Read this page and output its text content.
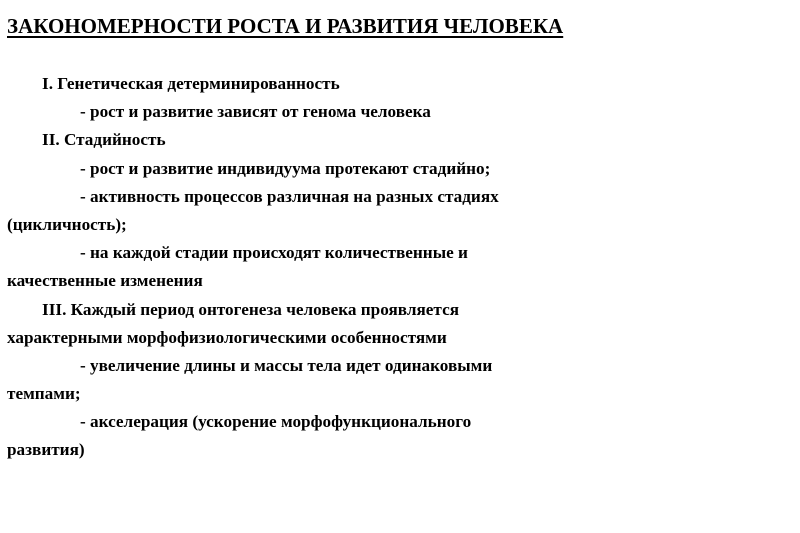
ЗАКОНОМЕРНОСТИ РОСТА И РАЗВИТИЯ ЧЕЛОВЕКА
I. Генетическая детерминированность
- рост и развитие зависят от генома человека
II. Стадийность
- рост и развитие индивидуума протекают стадийно;
- активность процессов различная на разных стадиях
(цикличность);
- на каждой стадии происходят количественные и
качественные изменения
III. Каждый период онтогенеза человека проявляется
характерными морфофизиологическими особенностями
- увеличение длины и массы тела идет одинаковыми
темпами;
- акселерация (ускорение морфофункционального
развития)
